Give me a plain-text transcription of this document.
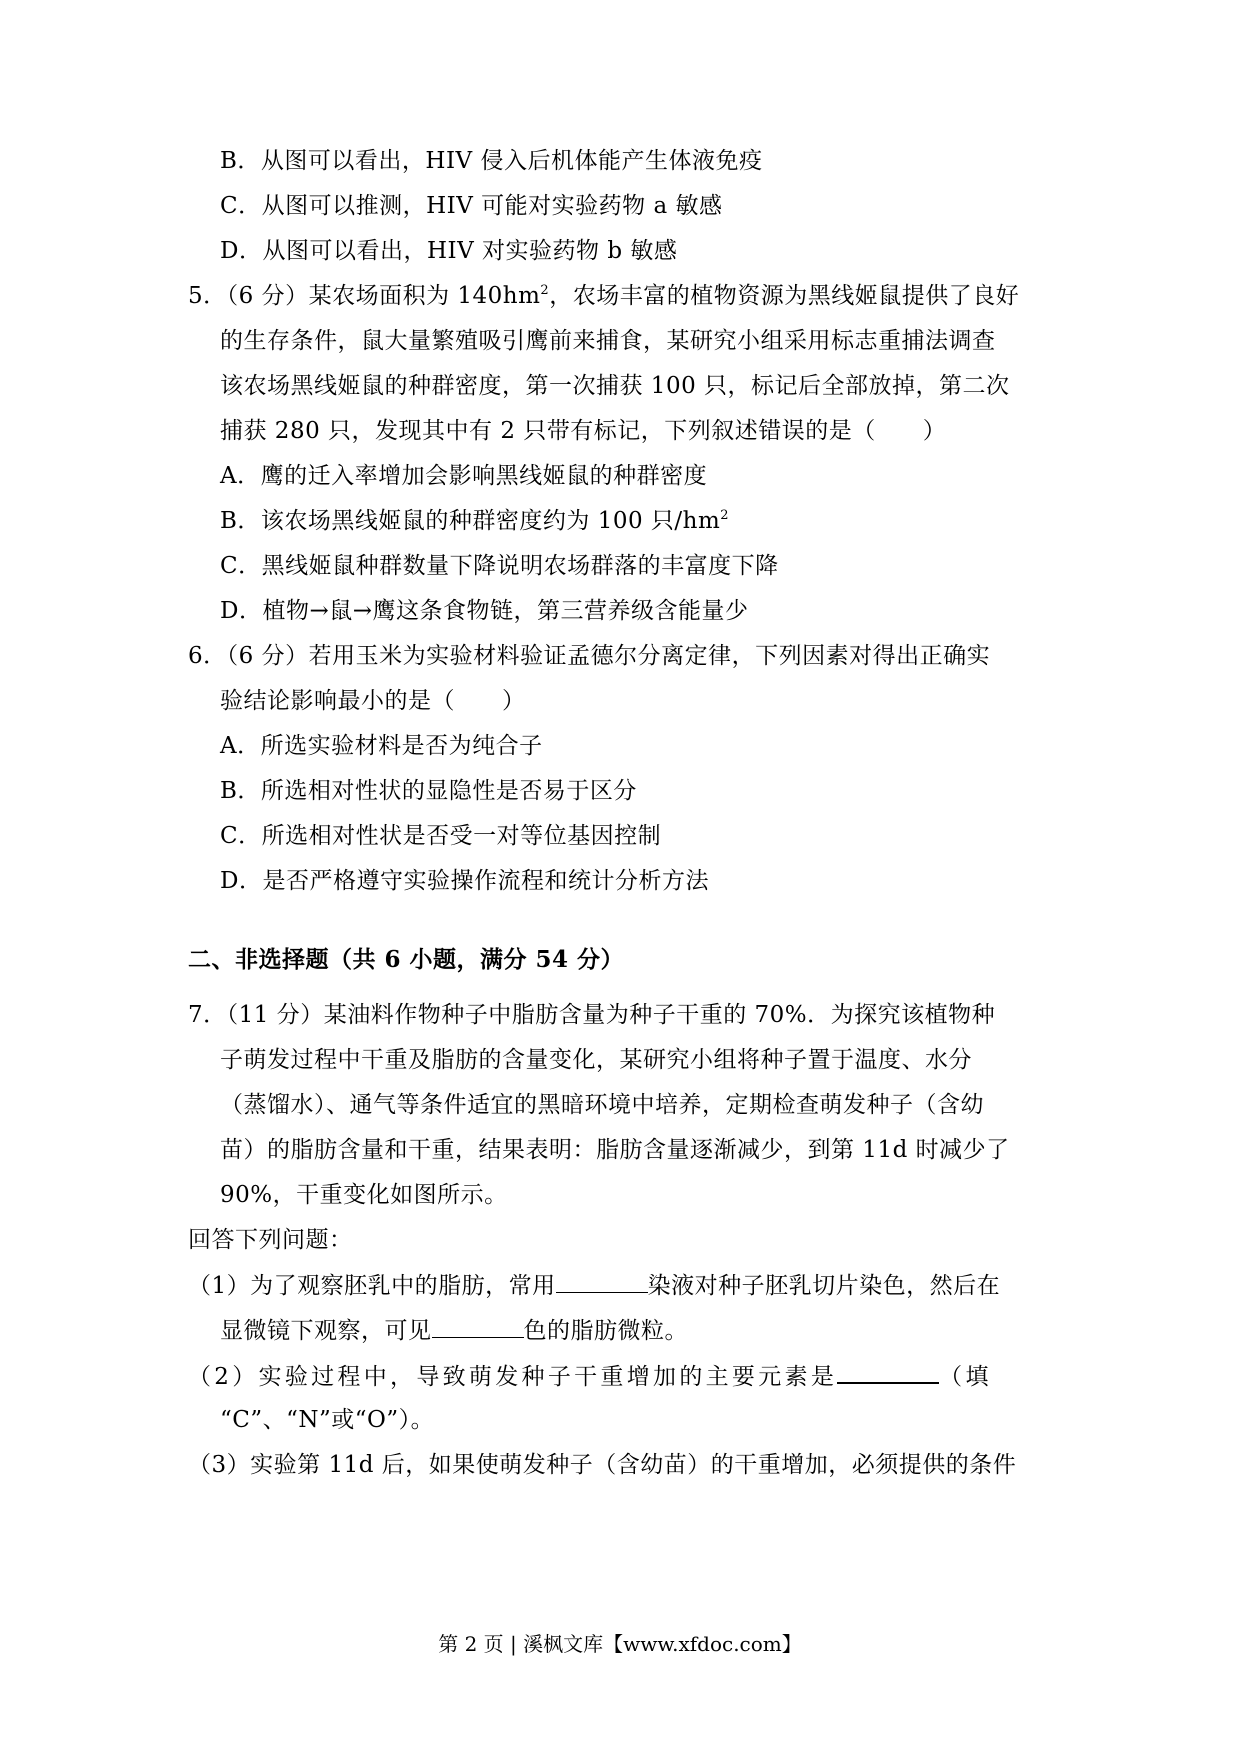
B．从图可以看出，HIV 侵入后机体能产生体液免疫
C．从图可以推测，HIV 可能对实验药物 a 敏感
D．从图可以看出，HIV 对实验药物 b 敏感
5．（6 分）某农场面积为 $140hm^2$，农场丰富的植物资源为黑线姬鼠提供了良好
的生存条件，鼠大量繁殖吸引鹰前来捕食，某研究小组采用标志重捕法调查
该农场黑线姬鼠的种群密度，第一次捕获 100 只，标记后全部放掉，第二次
捕获 280 只，发现其中有 2 只带有标记，下列叙述错误的是（　　）
A．鹰的迁入率增加会影响黑线姬鼠的种群密度
B．该农场黑线姬鼠的种群密度约为 100 只$/hm^2$
C．黑线姬鼠种群数量下降说明农场群落的丰富度下降
D．植物→鼠→鹰这条食物链，第三营养级含能量少
6．（6 分）若用玉米为实验材料验证孟德尔分离定律，下列因素对得出正确实
验结论影响最小的是（　　）
A．所选实验材料是否为纯合子
B．所选相对性状的显隐性是否易于区分
C．所选相对性状是否受一对等位基因控制
D．是否严格遵守实验操作流程和统计分析方法
二、非选择题（共 6 小题，满分 54 分）
7．（11 分）某油料作物种子中脂肪含量为种子干重的 70%．为探究该植物种
子萌发过程中干重及脂肪的含量变化，某研究小组将种子置于温度、水分
（蒸馏水）、通气等条件适宜的黑暗环境中培养，定期检查萌发种子（含幼
苗）的脂肪含量和干重，结果表明：脂肪含量逐渐减少，到第 11d 时减少了
90%，干重变化如图所示。
回答下列问题：
（1）为了观察胚乳中的脂肪，常用	染液对种子胚乳切片染色，然后在
显微镜下观察，可见	色的脂肪微粒。
（2）实验过程中，导致萌发种子干重增加的主要元素是	（填
“C”、“N”或“O”）。
（3）实验第 11d 后，如果使萌发种子（含幼苗）的干重增加，必须提供的条件
第 2 页 | 溪枫文库【www.xfdoc.com】
